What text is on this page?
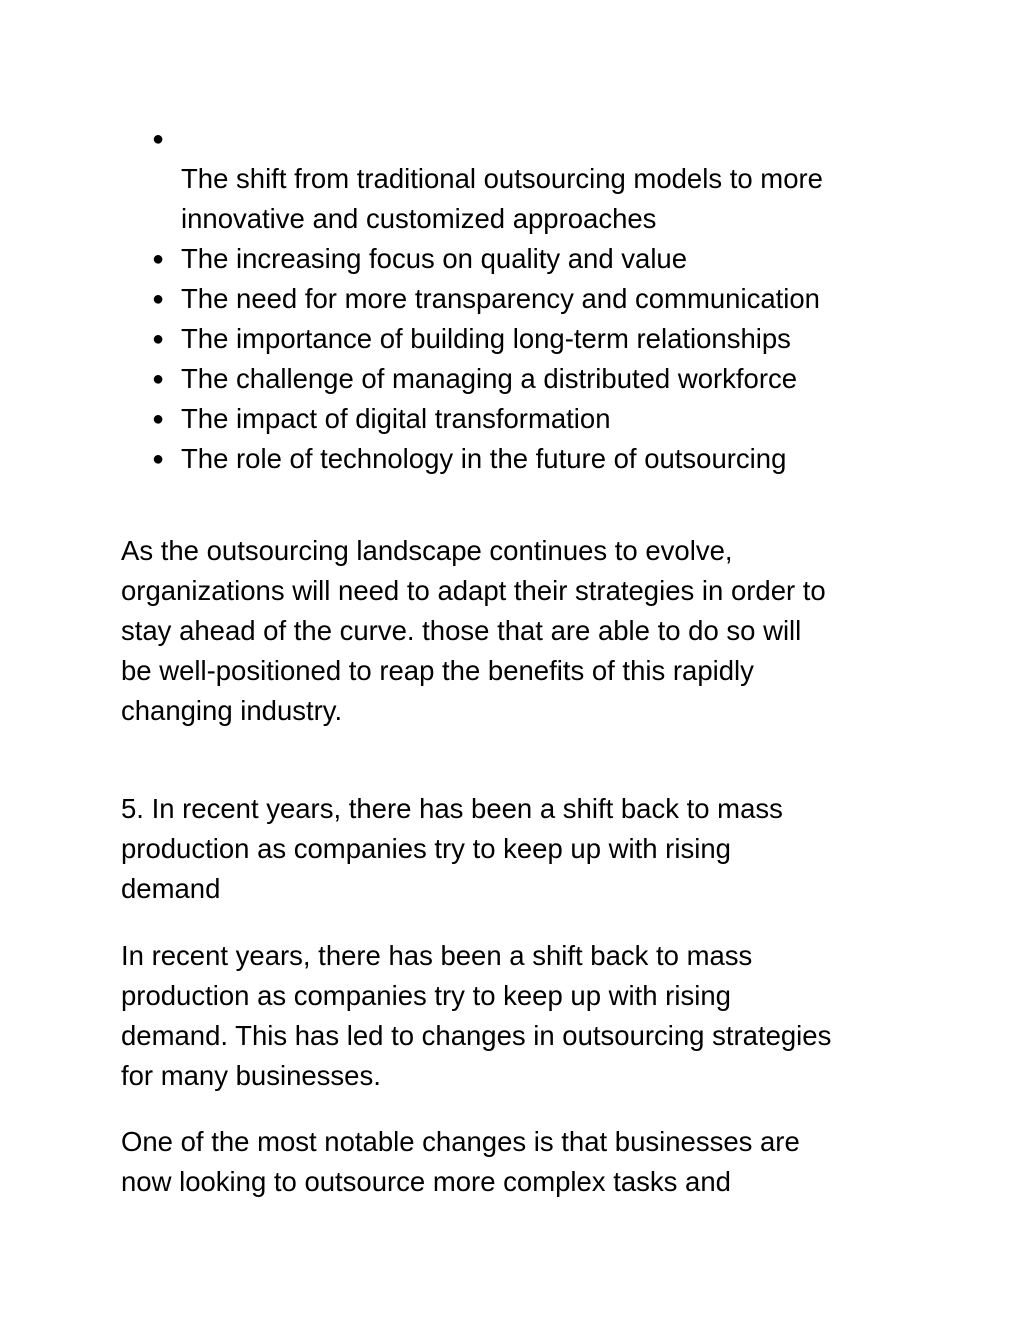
●
The shift from traditional outsourcing models to more
innovative and customized approaches

● The increasing focus on quality and value
● The need for more transparency and communication
● The importance of building long-term relationships
● The challenge of managing a distributed workforce
● The impact of digital transformation
● The role of technology in the future of outsourcing

As the outsourcing landscape continues to evolve,
organizations will need to adapt their strategies in order to
stay ahead of the curve. those that are able to do so will
be well-positioned to reap the benefits of this rapidly
changing industry.

5. In recent years, there has been a shift back to mass
production as companies try to keep up with rising
demand

In recent years, there has been a shift back to mass
production as companies try to keep up with rising
demand. This has led to changes in outsourcing strategies
for many businesses.

One of the most notable changes is that businesses are
now looking to outsource more complex tasks and
